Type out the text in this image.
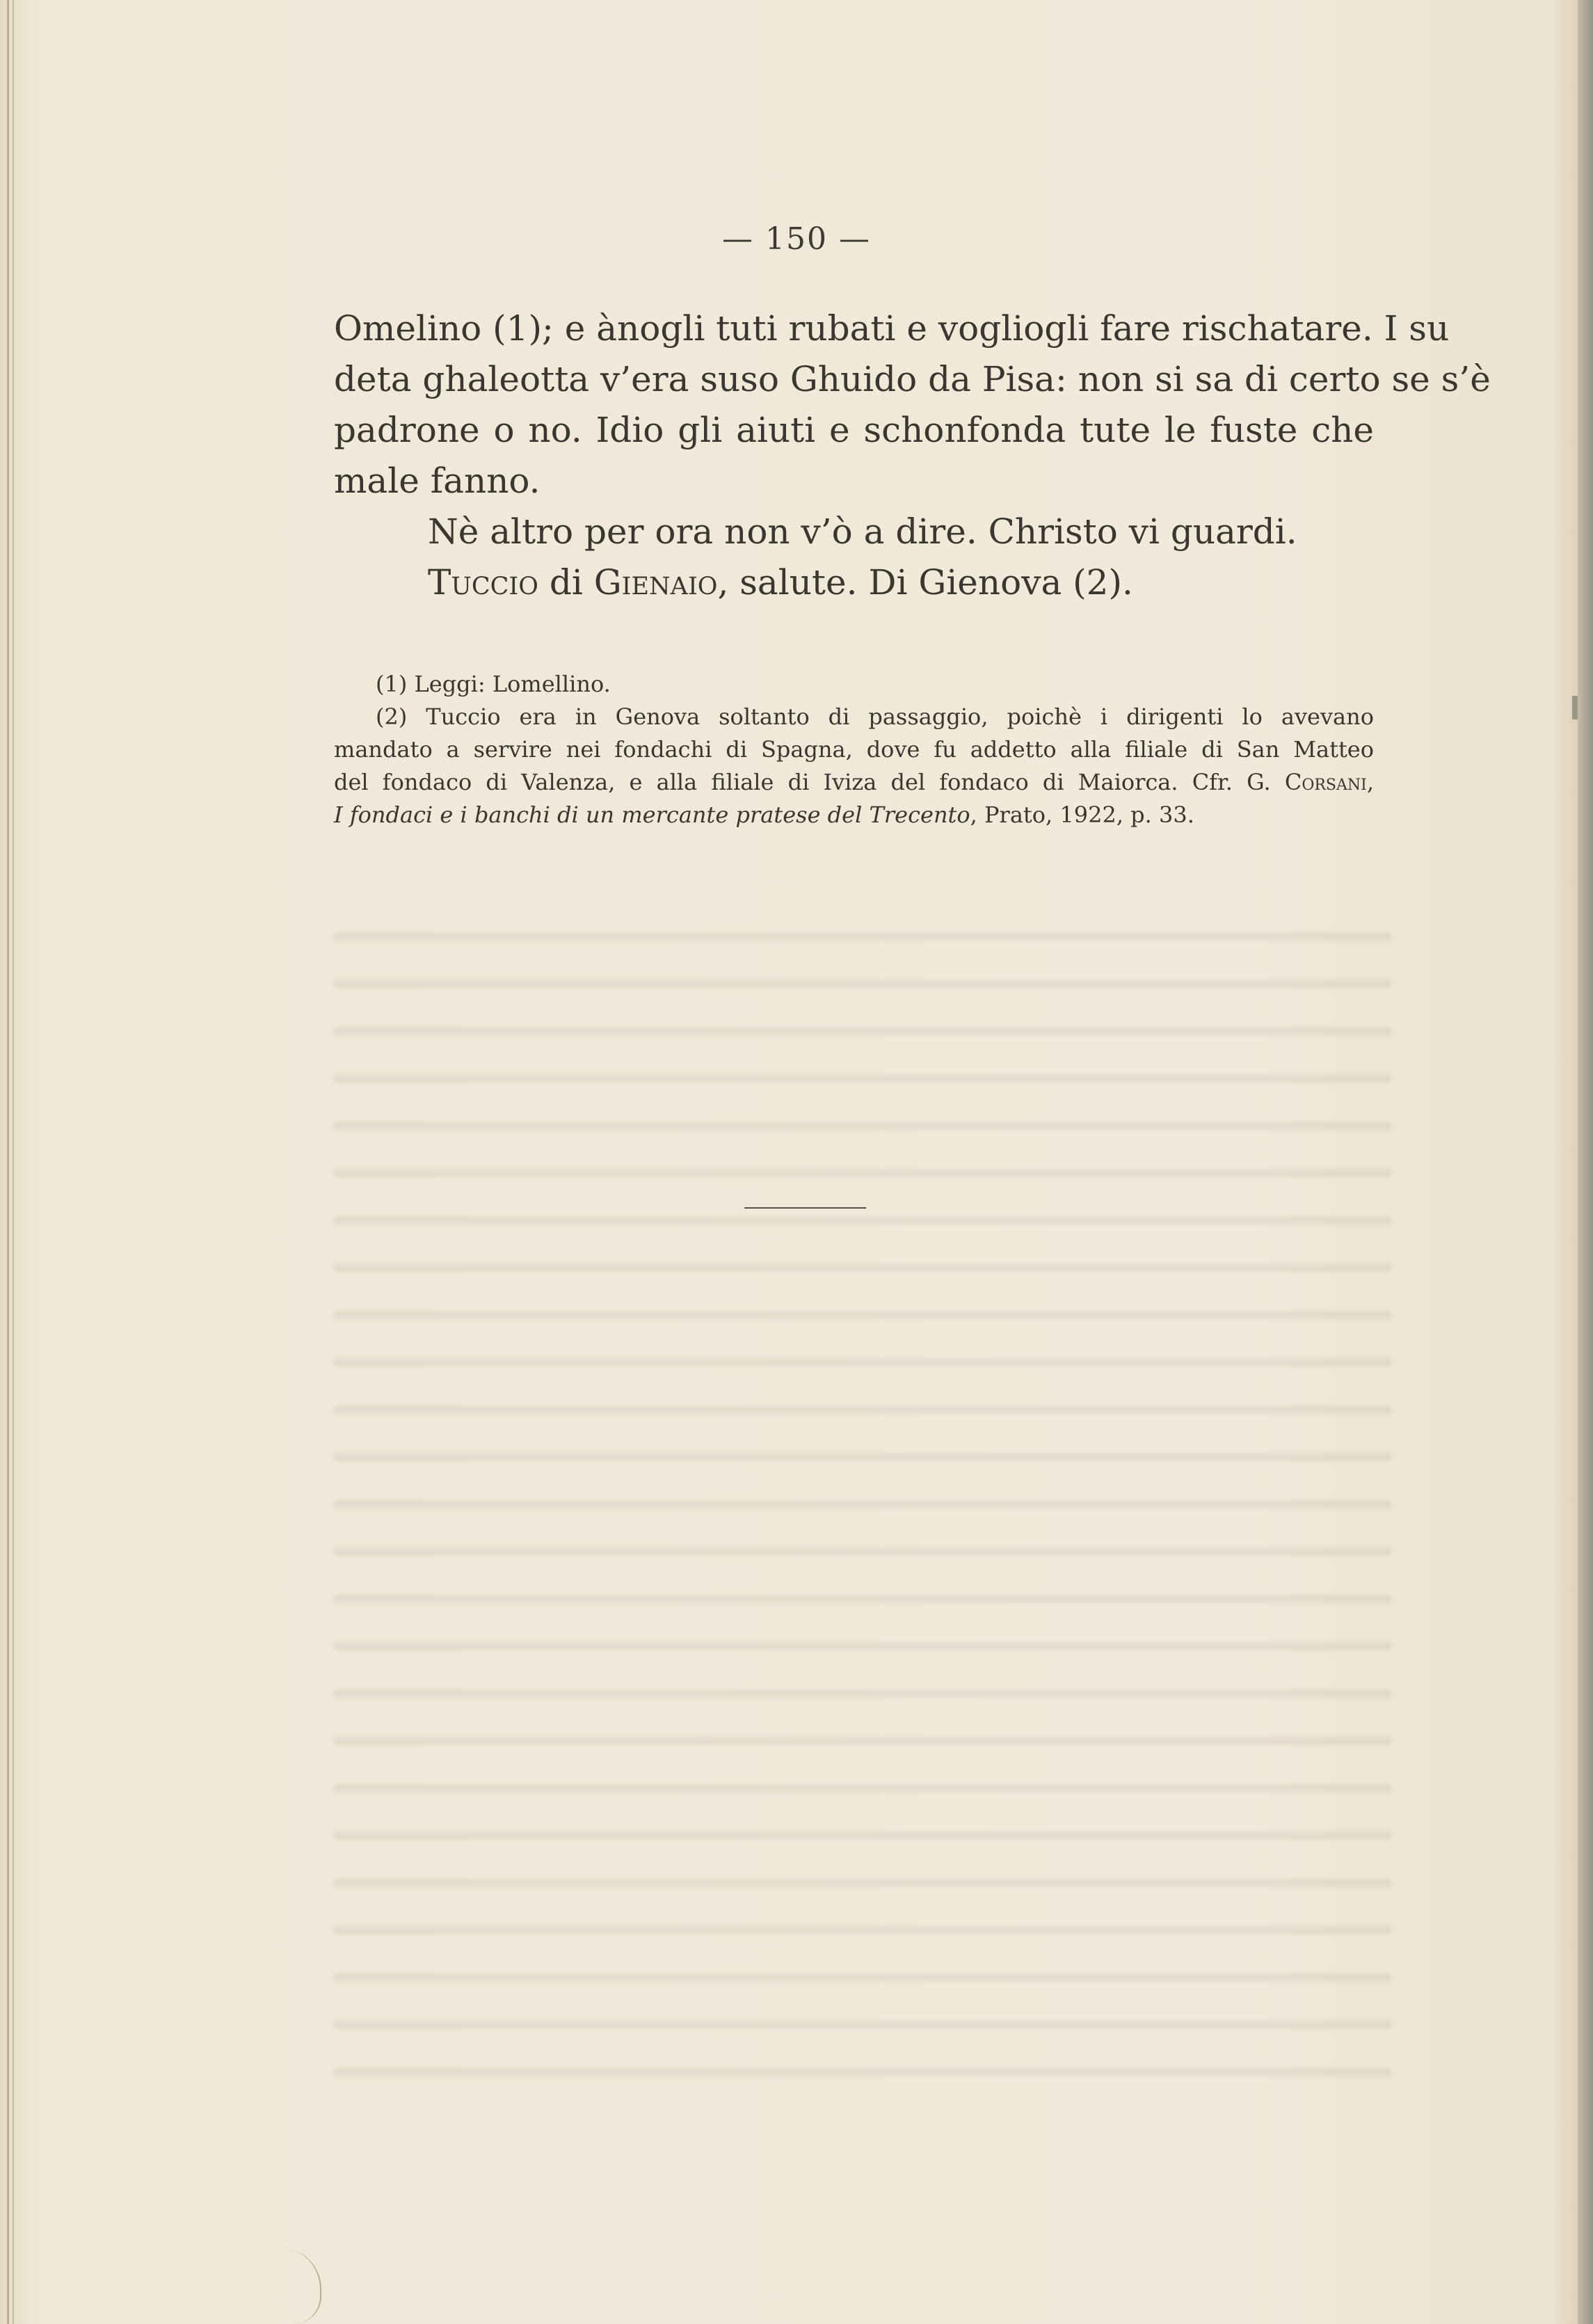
— 150 —
Omelino (1); e ànogli tuti rubati e vogliogli fare rischatare. I su
deta ghaleotta v’era suso Ghuido da Pisa: non si sa di certo se s’è
padrone o no. Idio gli aiuti e schonfonda tute le fuste che
male fanno.
Nè altro per ora non v’ò a dire. Christo vi guardi.
Tuccio di Gienaio, salute. Di Gienova (2).
(1) Leggi: Lomellino.
(2) Tuccio era in Genova soltanto di passaggio, poichè i dirigenti lo avevano
mandato a servire nei fondachi di Spagna, dove fu addetto alla filiale di San Matteo
del fondaco di Valenza, e alla filiale di Iviza del fondaco di Maiorca. Cfr. G. Corsani,
I fondaci e i banchi di un mercante pratese del Trecento, Prato, 1922, p. 33.
